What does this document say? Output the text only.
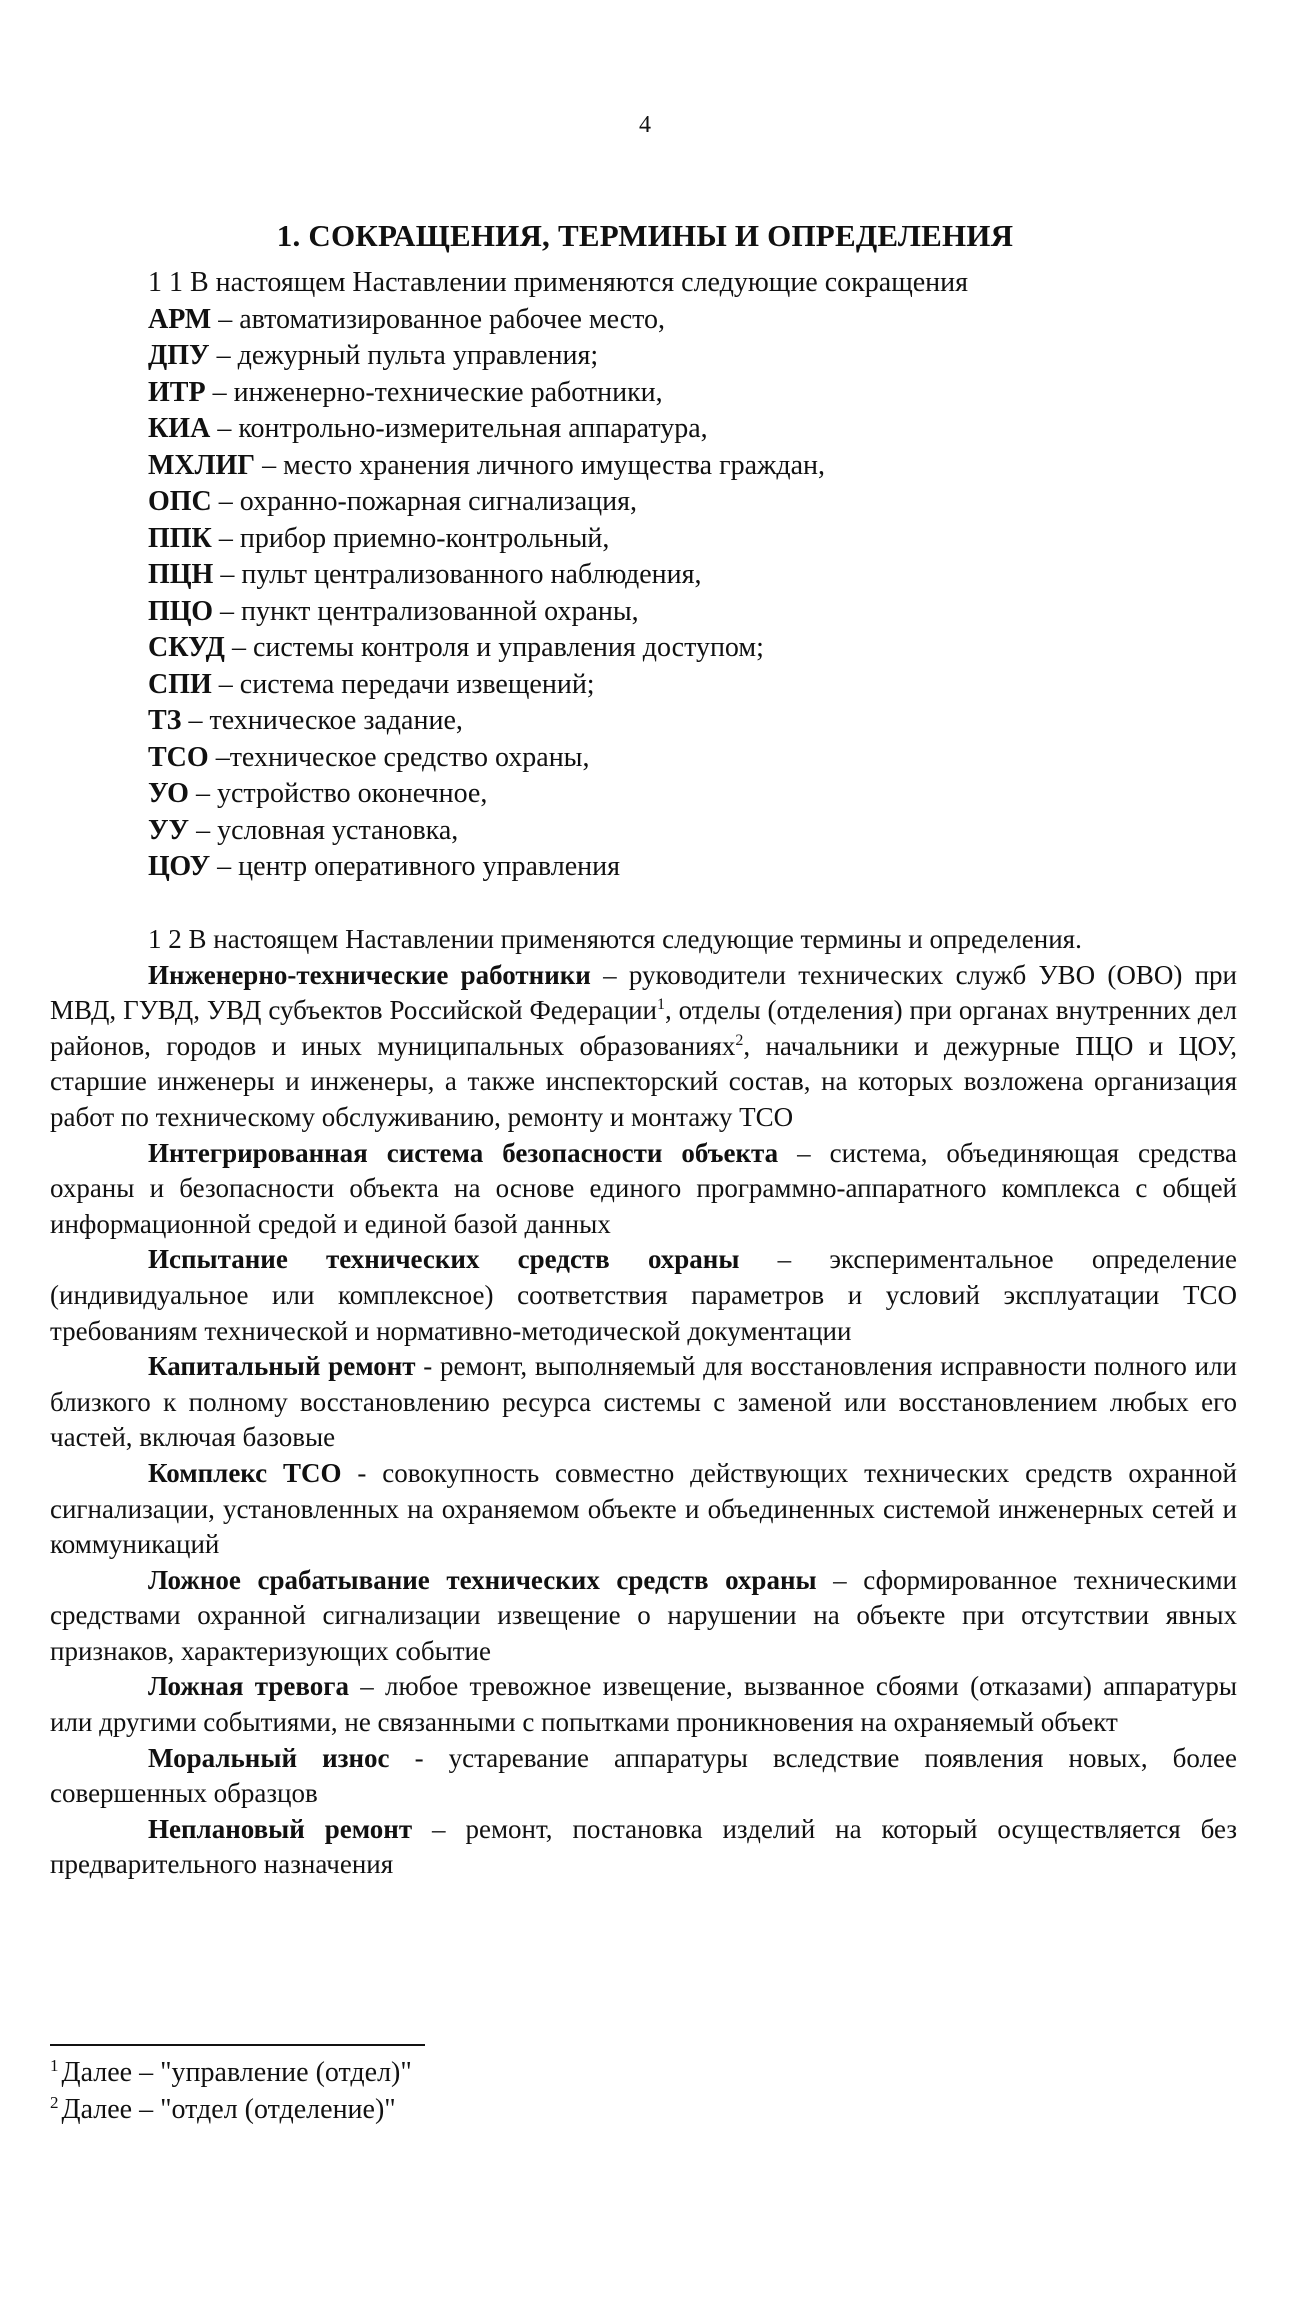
4
1. СОКРАЩЕНИЯ, ТЕРМИНЫ И ОПРЕДЕЛЕНИЯ

1 1 В настоящем Наставлении применяются следующие сокращения

АРМ – автоматизированное рабочее место,
ДПУ – дежурный пульта управления;
ИТР – инженерно-технические работники,
КИА – контрольно-измерительная аппаратура,
МХЛИГ – место хранения личного имущества граждан,
ОПС – охранно-пожарная сигнализация,
ППК – прибор приемно-контрольный,
ПЦН – пульт централизованного наблюдения,
ПЦО – пункт централизованной охраны,
СКУД – системы контроля и управления доступом;
СПИ – система передачи извещений;
ТЗ – техническое задание,
ТСО –техническое средство охраны,
УО – устройство оконечное,
УУ – условная установка,
ЦОУ – центр оперативного управления

1 2 В настоящем Наставлении применяются следующие термины и определения.

Инженерно-технические работники – руководители технических служб УВО (ОВО) при МВД, ГУВД, УВД субъектов Российской Федерации$^1$, отделы (отделения) при органах внутренних дел районов, городов и иных муниципальных образованиях$^2$, начальники и дежурные ПЦО и ЦОУ, старшие инженеры и инженеры, а также инспекторский состав, на которых возложена организация работ по техническому обслуживанию, ремонту и монтажу ТСО

Интегрированная система безопасности объекта – система, объединяющая средства охраны и безопасности объекта на основе единого программно-аппаратного комплекса с общей информационной средой и единой базой данных

Испытание технических средств охраны – экспериментальное определение (индивидуальное или комплексное) соответствия параметров и условий эксплуатации ТСО требованиям технической и нормативно-методической документации

Капитальный ремонт - ремонт, выполняемый для восстановления исправности полного или близкого к полному восстановлению ресурса системы с заменой или восстановлением любых его частей, включая базовые

Комплекс ТСО - совокупность совместно действующих технических средств охранной сигнализации, установленных на охраняемом объекте и объединенных системой инженерных сетей и коммуникаций

Ложное срабатывание технических средств охраны – сформированное техническими средствами охранной сигнализации извещение о нарушении на объекте при отсутствии явных признаков, характеризующих событие

Ложная тревога – любое тревожное извещение, вызванное сбоями (отказами) аппаратуры или другими событиями, не связанными с попытками проникновения на охраняемый объект

Моральный износ - устаревание аппаратуры вследствие появления новых, более совершенных образцов

Неплановый ремонт – ремонт, постановка изделий на который осуществляется без предварительного назначения

$^1$ Далее – "управление (отдел)"

$^2$ Далее – "отдел (отделение)"
